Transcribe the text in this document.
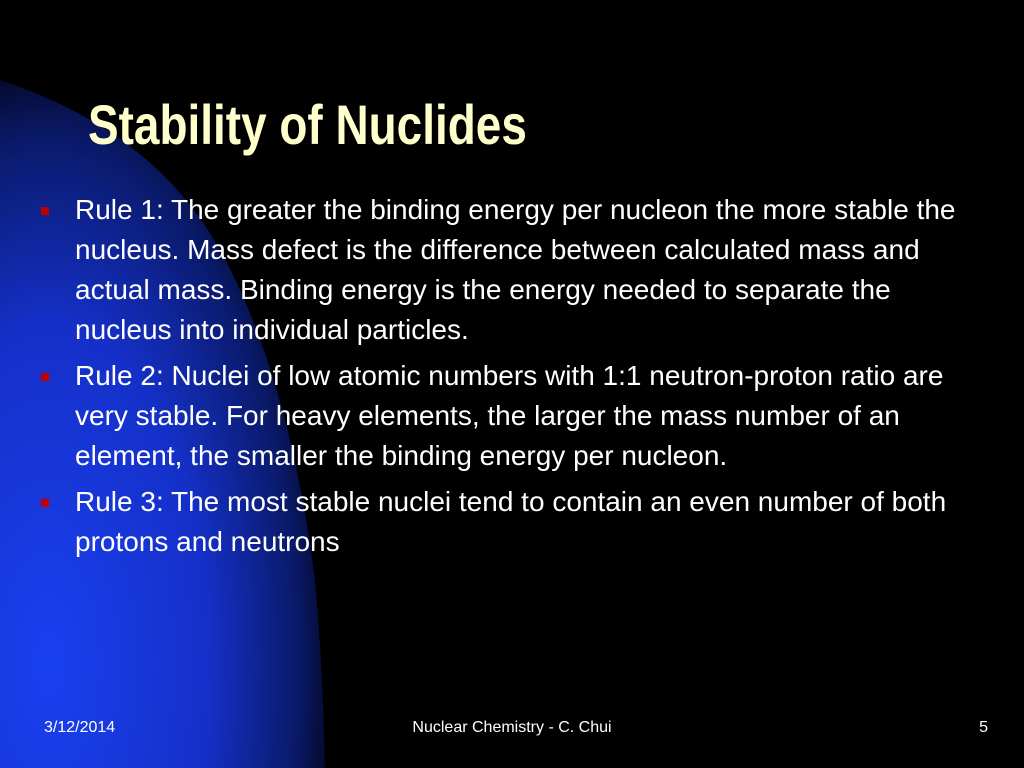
Stability of Nuclides
Rule 1: The greater the binding energy per nucleon the more stable the nucleus. Mass defect is the difference between calculated mass and actual mass. Binding energy is the energy needed to separate the nucleus into individual particles.
Rule 2: Nuclei of low atomic numbers with 1:1 neutron-proton ratio are very stable. For heavy elements, the larger the mass number of an element, the smaller the binding energy per nucleon.
Rule 3: The most stable nuclei tend to contain an even number of both protons and neutrons
3/12/2014	Nuclear Chemistry - C. Chui	5
